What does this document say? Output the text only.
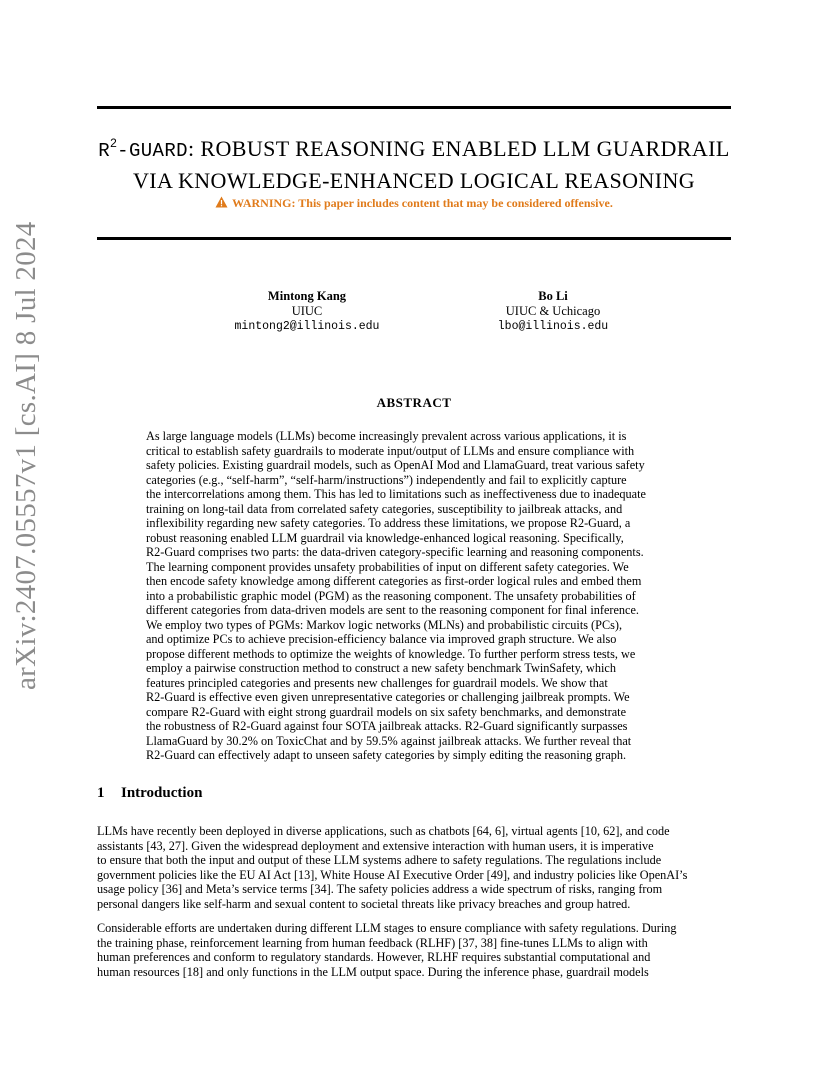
arXiv:2407.05557v1 [cs.AI] 8 Jul 2024
$R^2$-GUARD: ROBUST REASONING ENABLED LLM GUARDRAIL
VIA KNOWLEDGE-ENHANCED LOGICAL REASONING
WARNING: This paper includes content that may be considered offensive.
Mintong Kang
UIUC
mintong2@illinois.edu
Bo Li
UIUC & Uchicago
lbo@illinois.edu
ABSTRACT
As large language models (LLMs) become increasingly prevalent across various applications, it is
critical to establish safety guardrails to moderate input/output of LLMs and ensure compliance with
safety policies. Existing guardrail models, such as OpenAI Mod and LlamaGuard, treat various safety
categories (e.g., “self-harm”, “self-harm/instructions”) independently and fail to explicitly capture
the intercorrelations among them. This has led to limitations such as ineffectiveness due to inadequate
training on long-tail data from correlated safety categories, susceptibility to jailbreak attacks, and
inflexibility regarding new safety categories. To address these limitations, we propose R2-Guard, a
robust reasoning enabled LLM guardrail via knowledge-enhanced logical reasoning. Specifically,
R2-Guard comprises two parts: the data-driven category-specific learning and reasoning components.
The learning component provides unsafety probabilities of input on different safety categories. We
then encode safety knowledge among different categories as first-order logical rules and embed them
into a probabilistic graphic model (PGM) as the reasoning component. The unsafety probabilities of
different categories from data-driven models are sent to the reasoning component for final inference.
We employ two types of PGMs: Markov logic networks (MLNs) and probabilistic circuits (PCs),
and optimize PCs to achieve precision-efficiency balance via improved graph structure. We also
propose different methods to optimize the weights of knowledge. To further perform stress tests, we
employ a pairwise construction method to construct a new safety benchmark TwinSafety, which
features principled categories and presents new challenges for guardrail models. We show that
R2-Guard is effective even given unrepresentative categories or challenging jailbreak prompts. We
compare R2-Guard with eight strong guardrail models on six safety benchmarks, and demonstrate
the robustness of R2-Guard against four SOTA jailbreak attacks. R2-Guard significantly surpasses
LlamaGuard by 30.2% on ToxicChat and by 59.5% against jailbreak attacks. We further reveal that
R2-Guard can effectively adapt to unseen safety categories by simply editing the reasoning graph.
1 Introduction
LLMs have recently been deployed in diverse applications, such as chatbots [64, 6], virtual agents [10, 62], and code
assistants [43, 27]. Given the widespread deployment and extensive interaction with human users, it is imperative
to ensure that both the input and output of these LLM systems adhere to safety regulations. The regulations include
government policies like the EU AI Act [13], White House AI Executive Order [49], and industry policies like OpenAI’s
usage policy [36] and Meta’s service terms [34]. The safety policies address a wide spectrum of risks, ranging from
personal dangers like self-harm and sexual content to societal threats like privacy breaches and group hatred.
Considerable efforts are undertaken during different LLM stages to ensure compliance with safety regulations. During
the training phase, reinforcement learning from human feedback (RLHF) [37, 38] fine-tunes LLMs to align with
human preferences and conform to regulatory standards. However, RLHF requires substantial computational and
human resources [18] and only functions in the LLM output space. During the inference phase, guardrail models
